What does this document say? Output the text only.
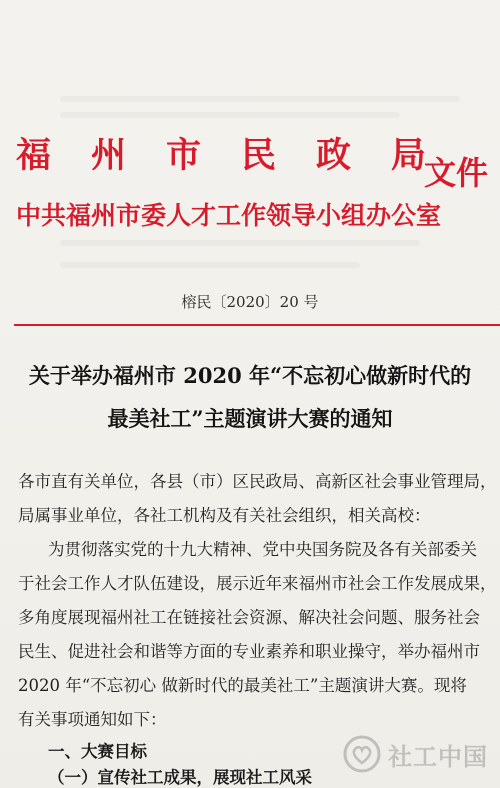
福 州 市 民 政 局
中共福州市委人才工作领导小组办公室
文件
榕民〔2020〕20 号
关于举办福州市 2020 年“不忘初心做新时代的
最美社工”主题演讲大赛的通知
各市直有关单位，各县（市）区民政局、高新区社会事业管理局，
局属事业单位，各社工机构及有关社会组织，相关高校：
为贯彻落实党的十九大精神、党中央国务院及各有关部委关
于社会工作人才队伍建设，展示近年来福州市社会工作发展成果，
多角度展现福州社工在链接社会资源、解决社会问题、服务社会
民生、促进社会和谐等方面的专业素养和职业操守，举办福州市
2020 年“不忘初心 做新时代的最美社工”主题演讲大赛。现将
有关事项通知如下：
一、大赛目标
（一）宣传社工成果，展现社工风采
社工中国
